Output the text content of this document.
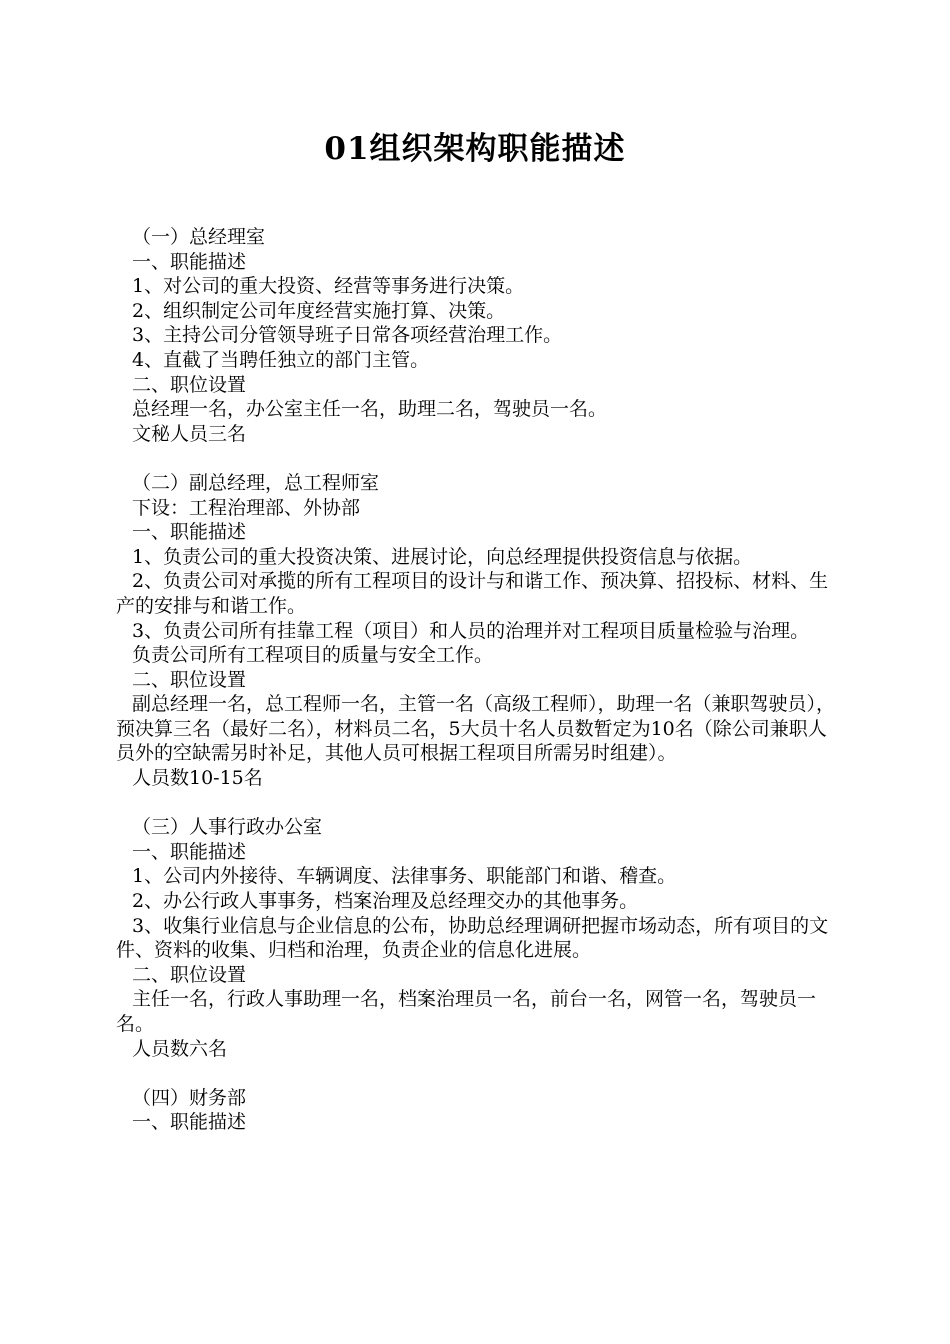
01组织架构职能描述
（一）总经理室
一、职能描述
1、对公司的重大投资、经营等事务进行决策。
2、组织制定公司年度经营实施打算、决策。
3、主持公司分管领导班子日常各项经营治理工作。
4、直截了当聘任独立的部门主管。
二、职位设置
总经理一名，办公室主任一名，助理二名，驾驶员一名。
文秘人员三名
（二）副总经理，总工程师室
下设：工程治理部、外协部
一、职能描述
1、负责公司的重大投资决策、进展讨论，向总经理提供投资信息与依据。
2、负责公司对承揽的所有工程项目的设计与和谐工作、预决算、招投标、材料、生产的安排与和谐工作。
3、负责公司所有挂靠工程（项目）和人员的治理并对工程项目质量检验与治理。
负责公司所有工程项目的质量与安全工作。
二、职位设置
副总经理一名，总工程师一名，主管一名（高级工程师），助理一名（兼职驾驶员），预决算三名（最好二名），材料员二名，5大员十名人员数暂定为10名（除公司兼职人员外的空缺需另时补足，其他人员可根据工程项目所需另时组建）。
人员数10-15名
（三）人事行政办公室
一、职能描述
1、公司内外接待、车辆调度、法律事务、职能部门和谐、稽查。
2、办公行政人事事务，档案治理及总经理交办的其他事务。
3、收集行业信息与企业信息的公布，协助总经理调研把握市场动态，所有项目的文件、资料的收集、归档和治理，负责企业的信息化进展。
二、职位设置
主任一名，行政人事助理一名，档案治理员一名，前台一名，网管一名，驾驶员一名。
人员数六名
（四）财务部
一、职能描述
